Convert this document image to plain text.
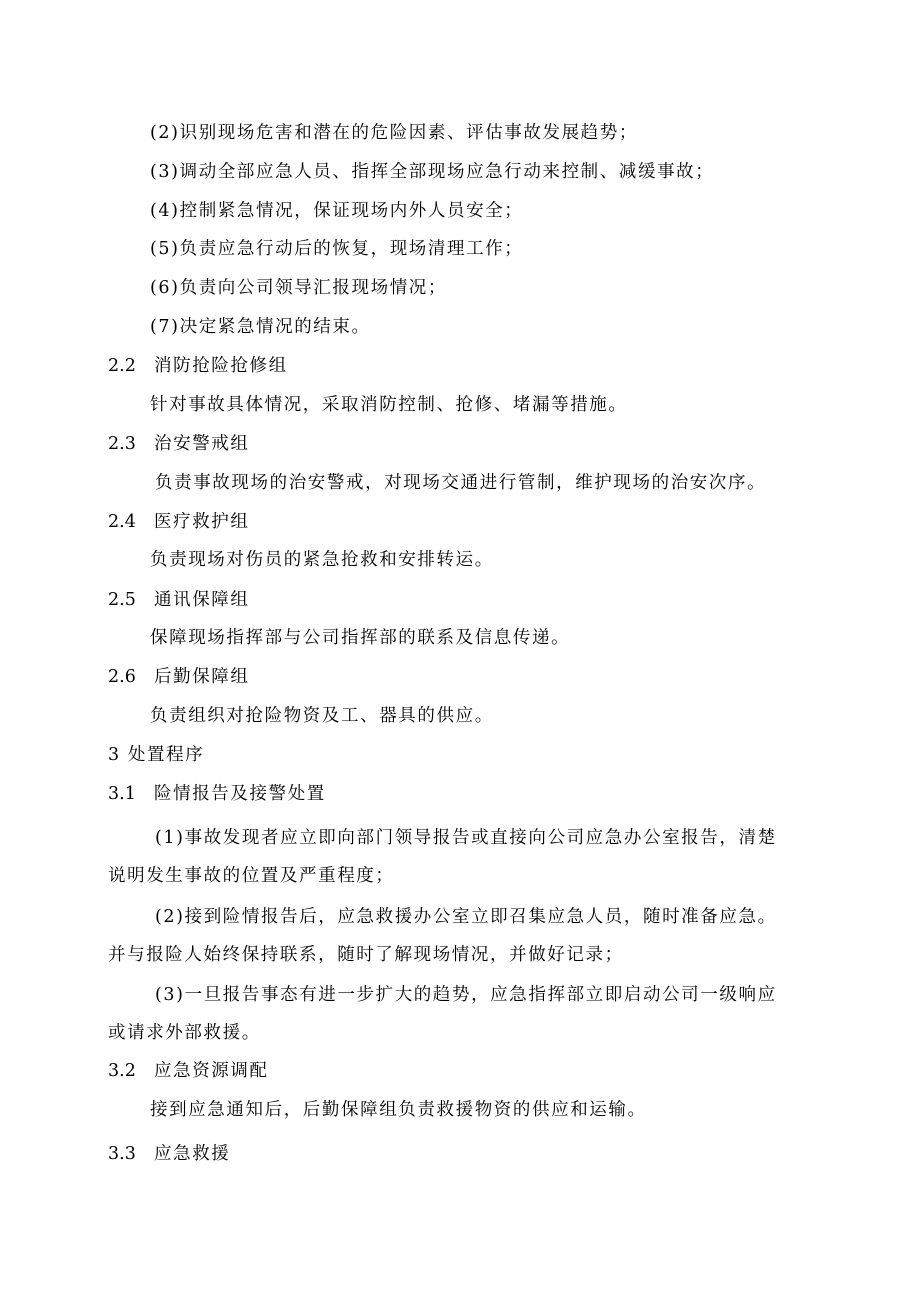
(2)识别现场危害和潜在的危险因素、评估事故发展趋势；
(3)调动全部应急人员、指挥全部现场应急行动来控制、减缓事故；
(4)控制紧急情况，保证现场内外人员安全；
(5)负责应急行动后的恢复，现场清理工作；
(6)负责向公司领导汇报现场情况；
(7)决定紧急情况的结束。
2.2 消防抢险抢修组
针对事故具体情况，采取消防控制、抢修、堵漏等措施。
2.3 治安警戒组
负责事故现场的治安警戒，对现场交通进行管制，维护现场的治安次序。
2.4 医疗救护组
负责现场对伤员的紧急抢救和安排转运。
2.5 通讯保障组
保障现场指挥部与公司指挥部的联系及信息传递。
2.6 后勤保障组
负责组织对抢险物资及工、器具的供应。
3 处置程序
3.1 险情报告及接警处置
(1)事故发现者应立即向部门领导报告或直接向公司应急办公室报告，清楚
说明发生事故的位置及严重程度；
(2)接到险情报告后，应急救援办公室立即召集应急人员，随时准备应急。
并与报险人始终保持联系，随时了解现场情况，并做好记录；
(3)一旦报告事态有进一步扩大的趋势，应急指挥部立即启动公司一级响应
或请求外部救援。
3.2 应急资源调配
接到应急通知后，后勤保障组负责救援物资的供应和运输。
3.3 应急救援
